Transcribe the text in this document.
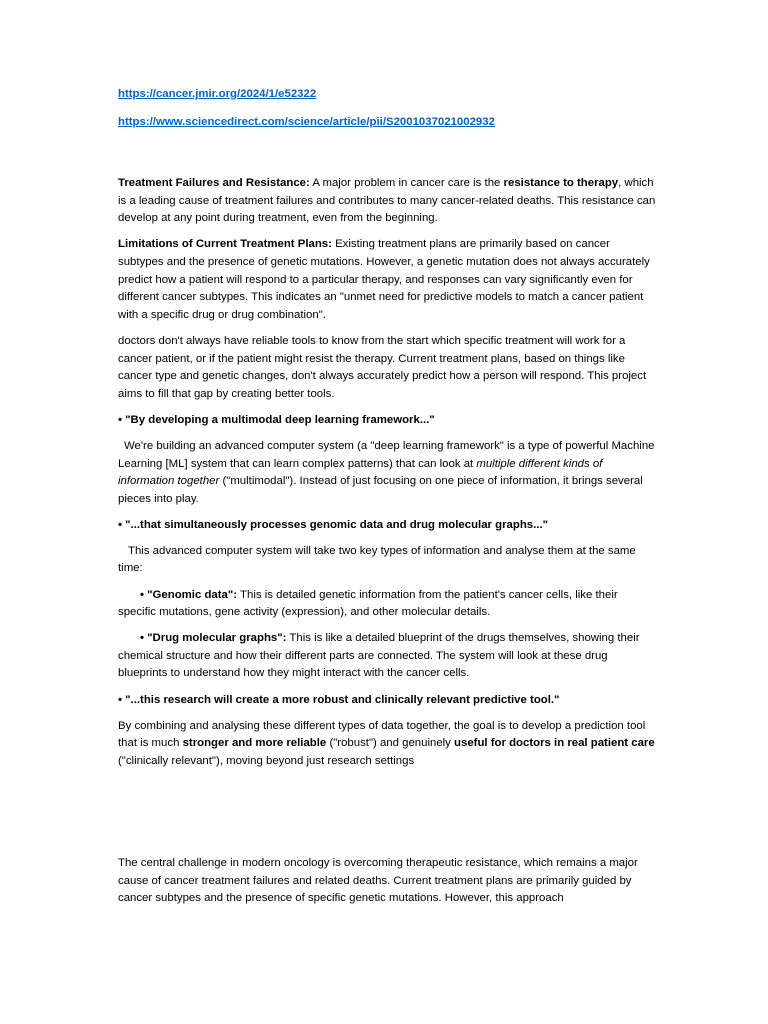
https://cancer.jmir.org/2024/1/e52322
https://www.sciencedirect.com/science/article/pii/S2001037021002932

Treatment Failures and Resistance: A major problem in cancer care is the resistance to therapy, which is a leading cause of treatment failures and contributes to many cancer-related deaths. This resistance can develop at any point during treatment, even from the beginning.

Limitations of Current Treatment Plans: Existing treatment plans are primarily based on cancer subtypes and the presence of genetic mutations. However, a genetic mutation does not always accurately predict how a patient will respond to a particular therapy, and responses can vary significantly even for different cancer subtypes. This indicates an "unmet need for predictive models to match a cancer patient with a specific drug or drug combination".

doctors don't always have reliable tools to know from the start which specific treatment will work for a cancer patient, or if the patient might resist the therapy. Current treatment plans, based on things like cancer type and genetic changes, don't always accurately predict how a person will respond. This project aims to fill that gap by creating better tools.

• "By developing a multimodal deep learning framework..."

We're building an advanced computer system (a "deep learning framework" is a type of powerful Machine Learning [ML] system that can learn complex patterns) that can look at multiple different kinds of information together ("multimodal"). Instead of just focusing on one piece of information, it brings several pieces into play.

• "...that simultaneously processes genomic data and drug molecular graphs..."

This advanced computer system will take two key types of information and analyse them at the same time:

• "Genomic data": This is detailed genetic information from the patient's cancer cells, like their specific mutations, gene activity (expression), and other molecular details.

• "Drug molecular graphs": This is like a detailed blueprint of the drugs themselves, showing their chemical structure and how their different parts are connected. The system will look at these drug blueprints to understand how they might interact with the cancer cells.

• "...this research will create a more robust and clinically relevant predictive tool."

By combining and analysing these different types of data together, the goal is to develop a prediction tool that is much stronger and more reliable ("robust") and genuinely useful for doctors in real patient care ("clinically relevant"), moving beyond just research settings

The central challenge in modern oncology is overcoming therapeutic resistance, which remains a major cause of cancer treatment failures and related deaths. Current treatment plans are primarily guided by cancer subtypes and the presence of specific genetic mutations. However, this approach
